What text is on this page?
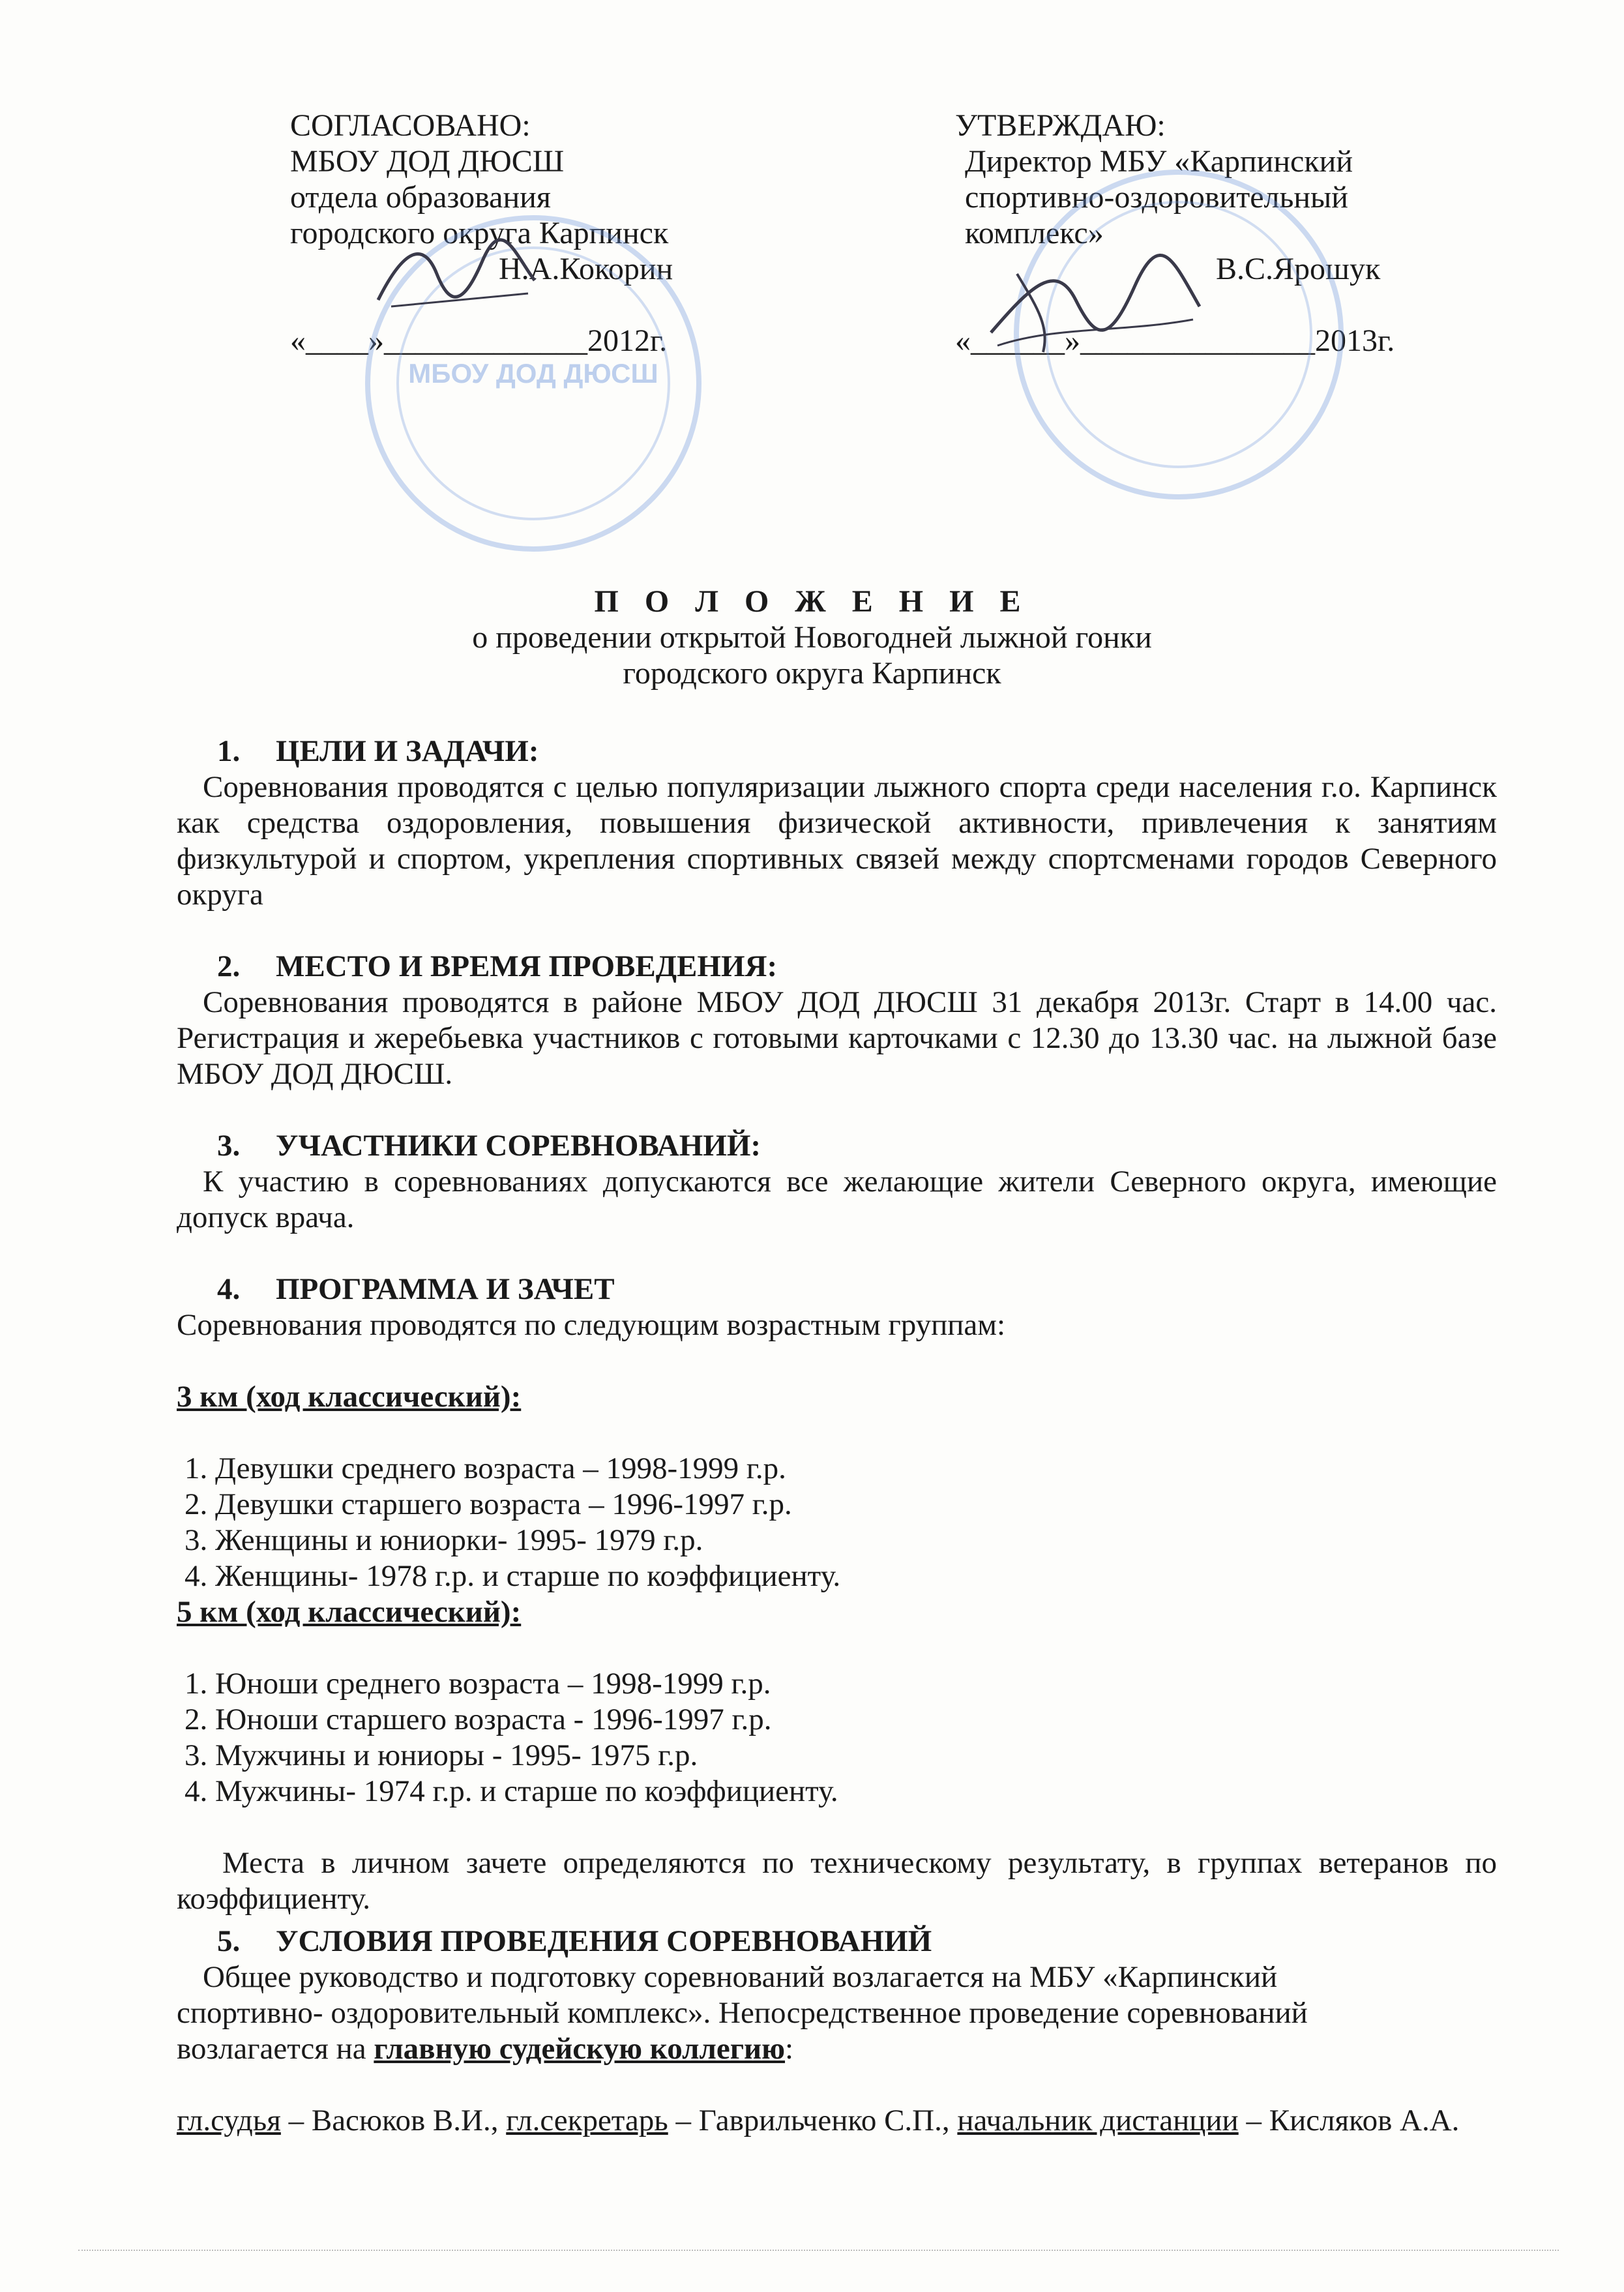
СОГЛАСОВАНО:
МБОУ ДОД ДЮСШ
отдела образования
городского округа Карпинск
Н.А.Кокорин
«____»_____________2012г.
УТВЕРЖДАЮ:
Директор МБУ «Карпинский
спортивно-оздоровительный
комплекс»
В.С.Ярошук
«______»_______________2013г.
МБОУ ДОД ДЮСШ
П О Л О Ж Е Н И Е
о проведении открытой Новогодней лыжной гонки
городского округа Карпинск
1. ЦЕЛИ И ЗАДАЧИ:
Соревнования проводятся с целью популяризации лыжного спорта среди населения г.о. Карпинск как средства оздоровления, повышения физической активности, привлечения к занятиям физкультурой и спортом, укрепления спортивных связей между спортсменами городов Северного округа
2. МЕСТО И ВРЕМЯ ПРОВЕДЕНИЯ:
Соревнования проводятся в районе МБОУ ДОД ДЮСШ 31 декабря 2013г. Старт в 14.00 час. Регистрация и жеребьевка участников с готовыми карточками с 12.30 до 13.30 час. на лыжной базе МБОУ ДОД ДЮСШ.
3. УЧАСТНИКИ СОРЕВНОВАНИЙ:
К участию в соревнованиях допускаются все желающие жители Северного округа, имеющие допуск врача.
4. ПРОГРАММА И ЗАЧЕТ
Соревнования проводятся по следующим возрастным группам:
3 км (ход классический):
1. Девушки среднего возраста – 1998-1999 г.р.
2. Девушки старшего возраста – 1996-1997 г.р.
3. Женщины и юниорки- 1995- 1979 г.р.
4. Женщины- 1978 г.р. и старше по коэффициенту.
5 км (ход классический):
1. Юноши среднего возраста – 1998-1999 г.р.
2. Юноши старшего возраста - 1996-1997 г.р.
3. Мужчины и юниоры - 1995- 1975 г.р.
4. Мужчины- 1974 г.р. и старше по коэффициенту.
Места в личном зачете определяются по техническому результату, в группах ветеранов по коэффициенту.
5. УСЛОВИЯ ПРОВЕДЕНИЯ СОРЕВНОВАНИЙ
Общее руководство и подготовку соревнований возлагается на МБУ «Карпинский спортивно- оздоровительный комплекс». Непосредственное проведение соревнований возлагается на главную судейскую коллегию:
гл.судья – Васюков В.И., гл.секретарь – Гаврильченко С.П., начальник дистанции – Кисляков А.А.
